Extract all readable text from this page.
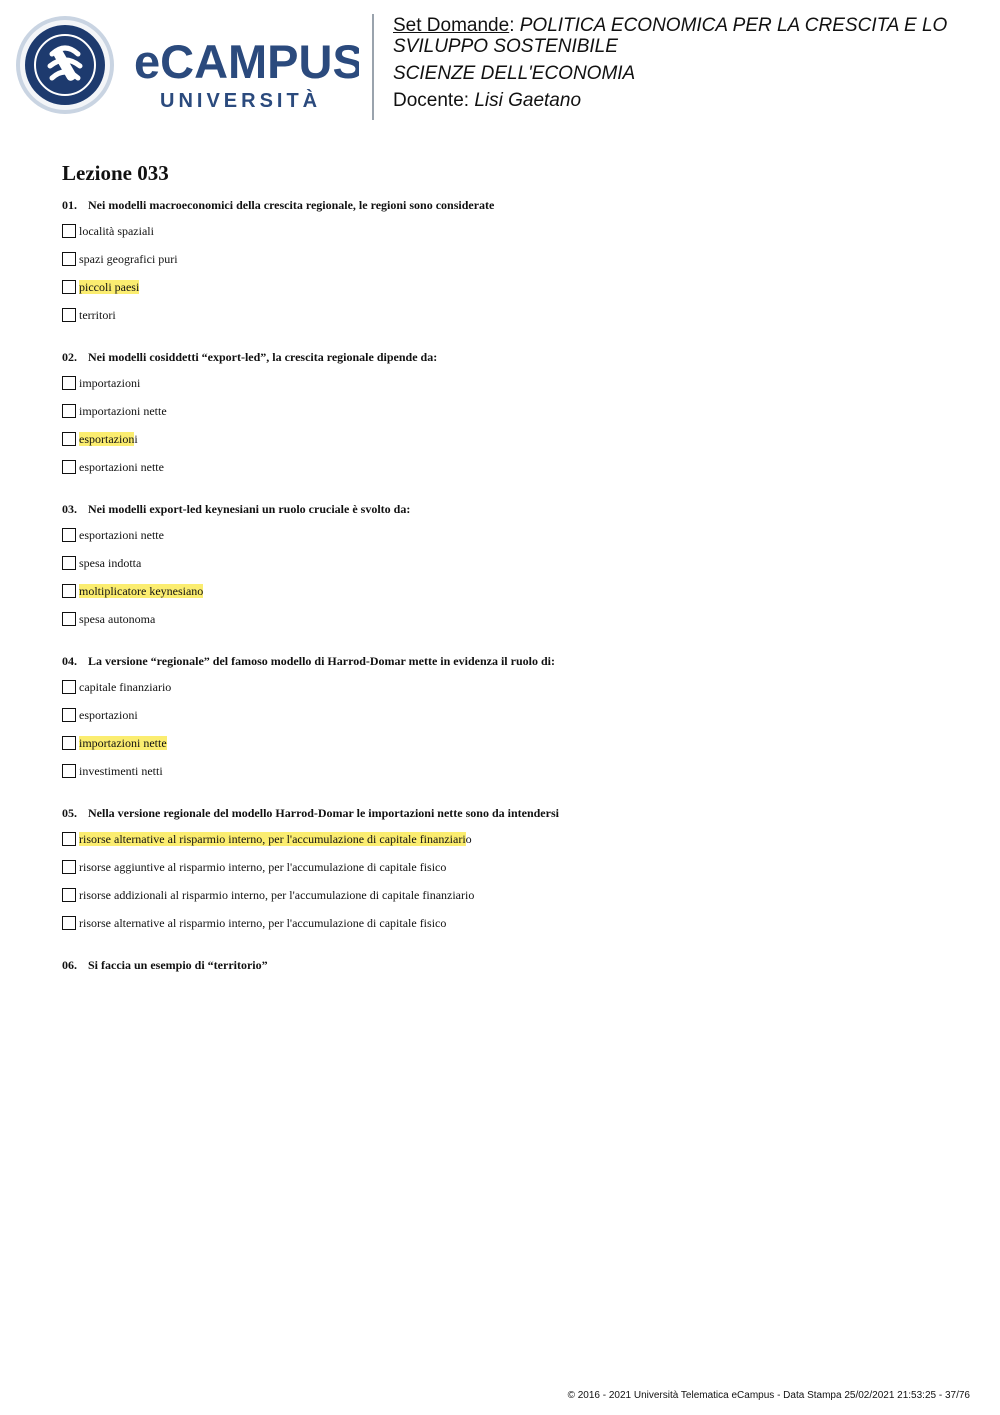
eCAMPUS
UNIVERSITÀ
Set Domande: POLITICA ECONOMICA PER LA CRESCITA E LO
SVILUPPO SOSTENIBILE
SCIENZE DELL'ECONOMIA
Docente: Lisi Gaetano
Lezione 033

01. Nei modelli macroeconomici della crescita regionale, le regioni sono considerate

località spaziali
spazi geografici puri
piccoli paesi
territori

02. Nei modelli cosiddetti “export-led”, la crescita regionale dipende da:

importazioni
importazioni nette
esportazioni
esportazioni nette

03. Nei modelli export-led keynesiani un ruolo cruciale è svolto da:

esportazioni nette
spesa indotta
moltiplicatore keynesiano
spesa autonoma

04. La versione “regionale” del famoso modello di Harrod-Domar mette in evidenza il ruolo di:

capitale finanziario
esportazioni
importazioni nette
investimenti netti

05. Nella versione regionale del modello Harrod-Domar le importazioni nette sono da intendersi

risorse alternative al risparmio interno, per l'accumulazione di capitale finanziario
risorse aggiuntive al risparmio interno, per l'accumulazione di capitale fisico
risorse addizionali al risparmio interno, per l'accumulazione di capitale finanziario
risorse alternative al risparmio interno, per l'accumulazione di capitale fisico

06. Si faccia un esempio di “territorio”

© 2016 - 2021 Università Telematica eCampus - Data Stampa 25/02/2021 21:53:25 - 37/76
